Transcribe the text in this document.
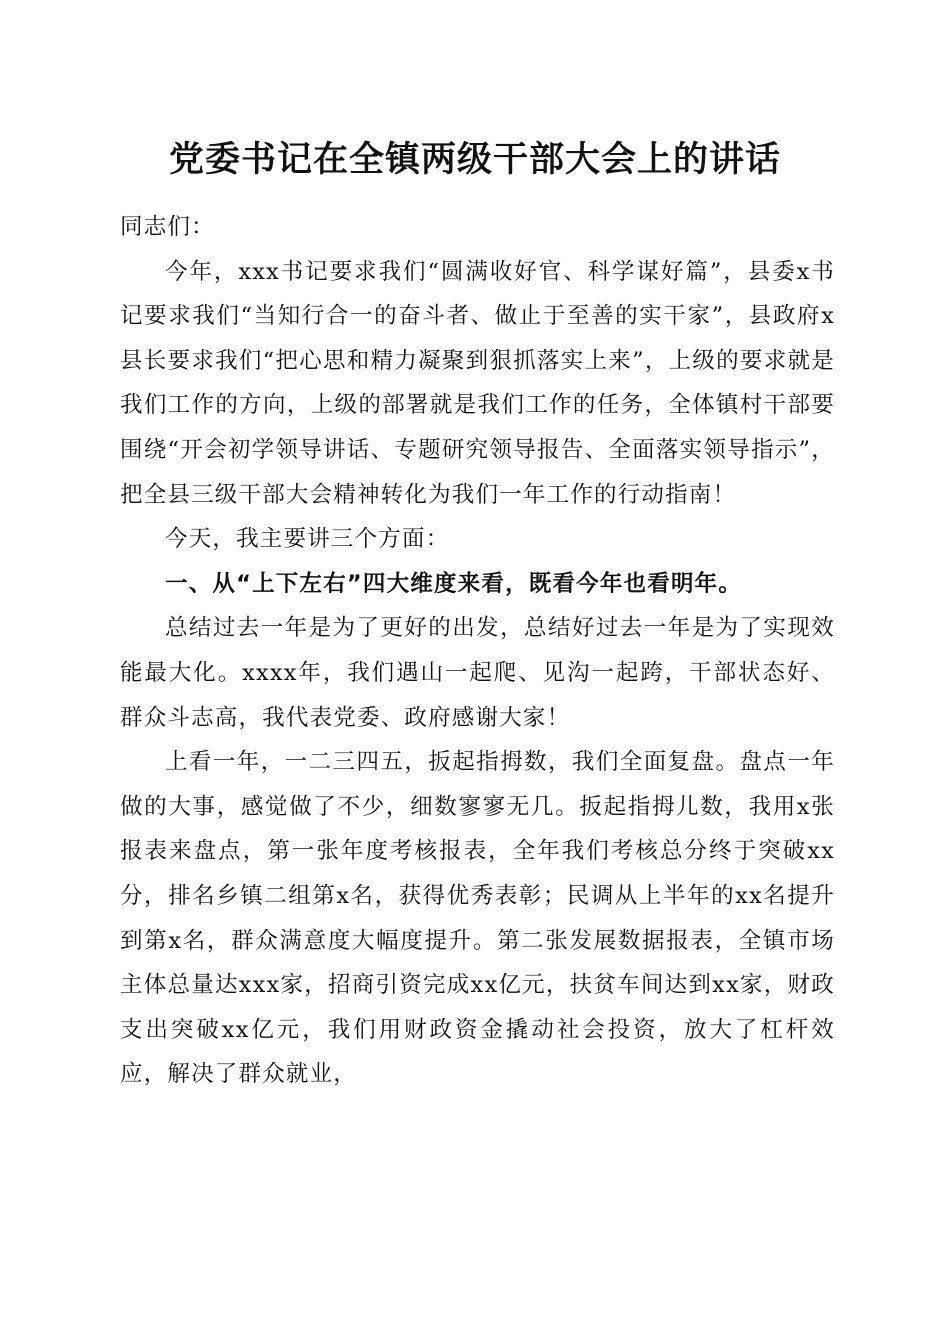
党委书记在全镇两级干部大会上的讲话

同志们：

今年，xxx书记要求我们“圆满收好官、科学谋好篇”，县委x书记要求我们“当知行合一的奋斗者、做止于至善的实干家”，县政府x县长要求我们“把心思和精力凝聚到狠抓落实上来”，上级的要求就是我们工作的方向，上级的部署就是我们工作的任务，全体镇村干部要围绕“开会初学领导讲话、专题研究领导报告、全面落实领导指示”，把全县三级干部大会精神转化为我们一年工作的行动指南！

今天，我主要讲三个方面：

一、从“上下左右”四大维度来看，既看今年也看明年。

总结过去一年是为了更好的出发，总结好过去一年是为了实现效能最大化。xxxx年，我们遇山一起爬、见沟一起跨，干部状态好、群众斗志高，我代表党委、政府感谢大家！

上看一年，一二三四五，扳起指拇数，我们全面复盘。盘点一年做的大事，感觉做了不少，细数寥寥无几。扳起指拇儿数，我用x张报表来盘点，第一张年度考核报表，全年我们考核总分终于突破xx分，排名乡镇二组第x名，获得优秀表彰；民调从上半年的xx名提升到第x名，群众满意度大幅度提升。第二张发展数据报表，全镇市场主体总量达xxx家，招商引资完成xx亿元，扶贫车间达到xx家，财政支出突破xx亿元，我们用财政资金撬动社会投资，放大了杠杆效应，解决了群众就业，
